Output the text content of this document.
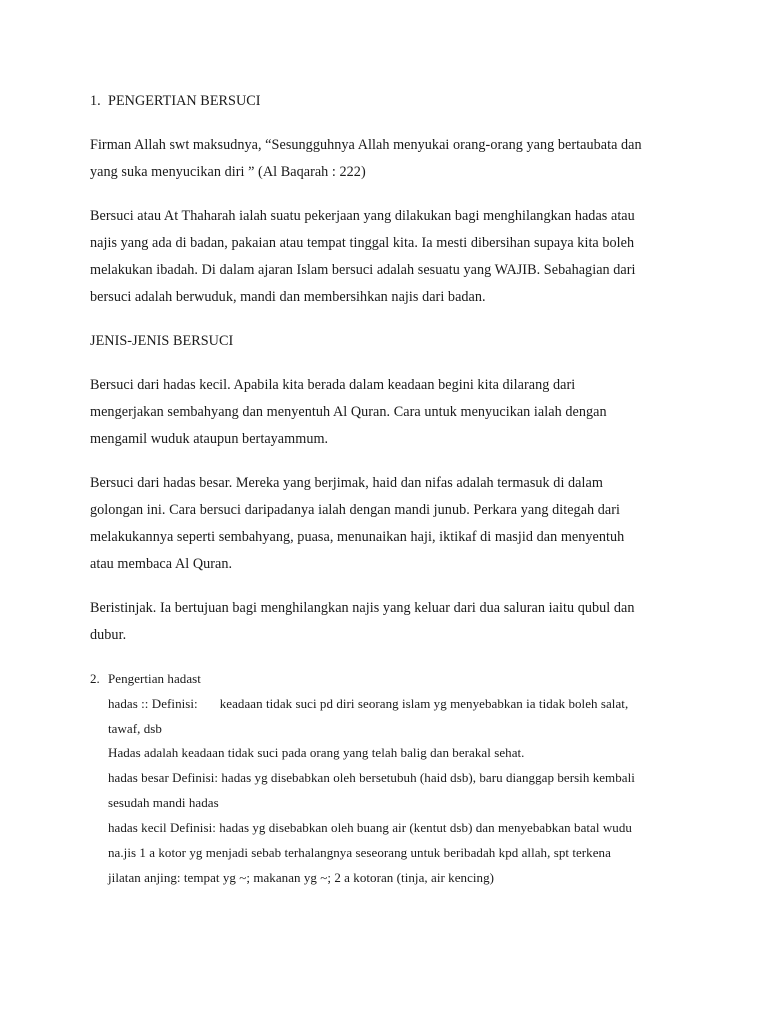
1. PENGERTIAN BERSUCI
Firman Allah swt maksudnya, “Sesungguhnya Allah menyukai orang-orang yang bertaubata dan
yang suka menyucikan diri ” (Al Baqarah : 222)
Bersuci atau At Thaharah ialah suatu pekerjaan yang dilakukan bagi menghilangkan hadas atau
najis yang ada di badan, pakaian atau tempat tinggal kita. Ia mesti dibersihan supaya kita boleh
melakukan ibadah. Di dalam ajaran Islam bersuci adalah sesuatu yang WAJIB. Sebahagian dari
bersuci adalah berwuduk, mandi dan membersihkan najis dari badan.
JENIS-JENIS BERSUCI
Bersuci dari hadas kecil. Apabila kita berada dalam keadaan begini kita dilarang dari
mengerjakan sembahyang dan menyentuh Al Quran. Cara untuk menyucikan ialah dengan
mengamil wuduk ataupun bertayammum.
Bersuci dari hadas besar. Mereka yang berjimak, haid dan nifas adalah termasuk di dalam
golongan ini. Cara bersuci daripadanya ialah dengan mandi junub. Perkara yang ditegah dari
melakukannya seperti sembahyang, puasa, menunaikan haji, iktikaf di masjid dan menyentuh
atau membaca Al Quran.
Beristinjak. Ia bertujuan bagi menghilangkan najis yang keluar dari dua saluran iaitu qubul dan
dubur.
2. Pengertian hadast
hadas :: Definisi: keadaan tidak suci pd diri seorang islam yg menyebabkan ia tidak boleh salat,
tawaf, dsb
Hadas adalah keadaan tidak suci pada orang yang telah balig dan berakal sehat.
hadas besar Definisi: hadas yg disebabkan oleh bersetubuh (haid dsb), baru dianggap bersih kembali
sesudah mandi hadas
hadas kecil Definisi: hadas yg disebabkan oleh buang air (kentut dsb) dan menyebabkan batal wudu
na.jis 1 a kotor yg menjadi sebab terhalangnya seseorang untuk beribadah kpd allah, spt terkena
jilatan anjing: tempat yg ~; makanan yg ~; 2 a kotoran (tinja, air kencing)
